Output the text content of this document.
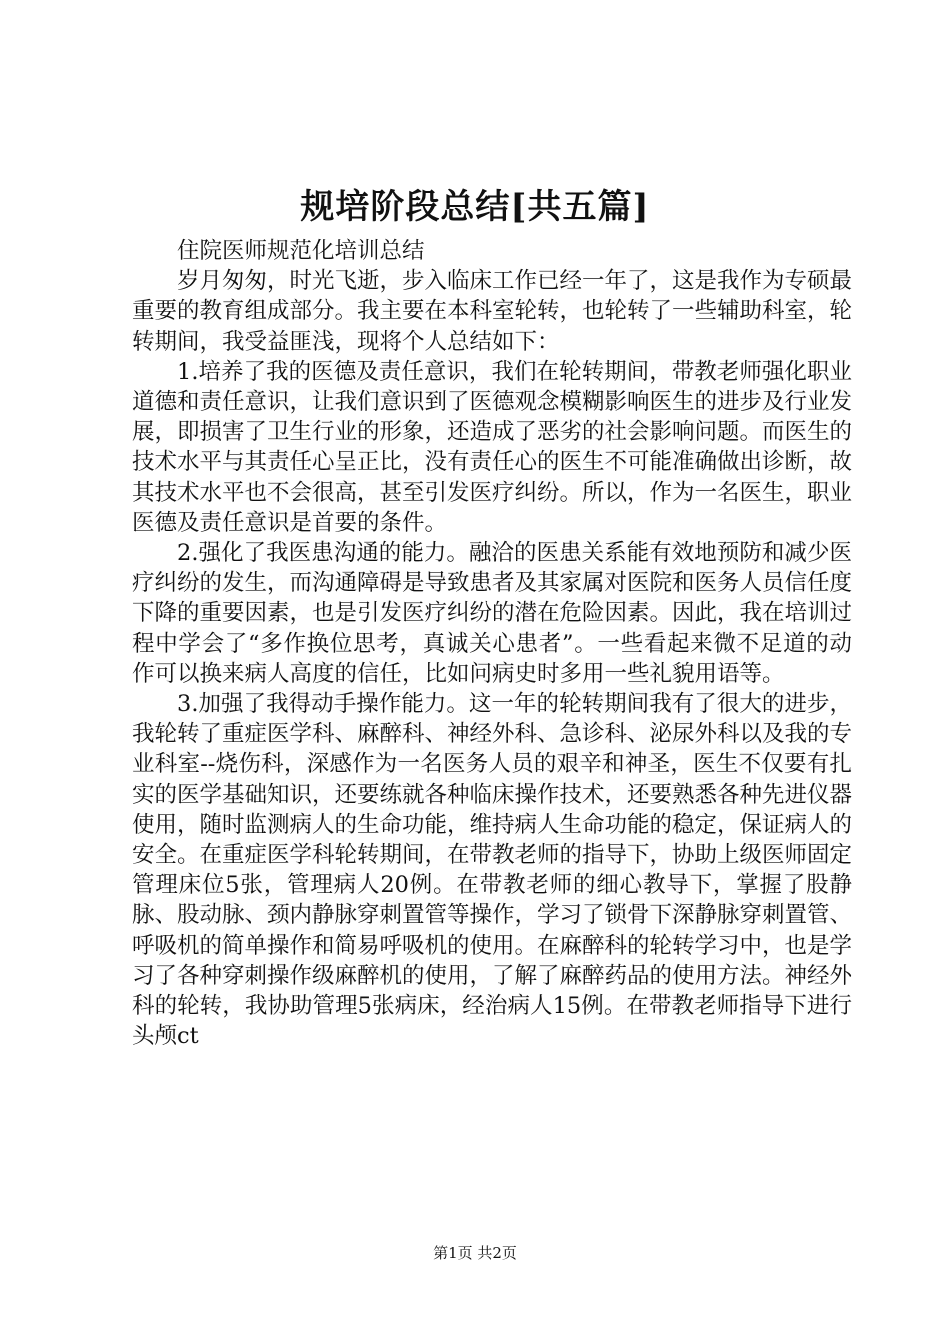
规培阶段总结[共五篇]
住院医师规范化培训总结

岁月匆匆，时光飞逝，步入临床工作已经一年了，这是我作为专硕最重要的教育组成部分。我主要在本科室轮转，也轮转了一些辅助科室，轮转期间，我受益匪浅，现将个人总结如下：

1.培养了我的医德及责任意识，我们在轮转期间，带教老师强化职业道德和责任意识，让我们意识到了医德观念模糊影响医生的进步及行业发展，即损害了卫生行业的形象，还造成了恶劣的社会影响问题。而医生的技术水平与其责任心呈正比，没有责任心的医生不可能准确做出诊断，故其技术水平也不会很高，甚至引发医疗纠纷。所以，作为一名医生，职业医德及责任意识是首要的条件。

2.强化了我医患沟通的能力。融洽的医患关系能有效地预防和减少医疗纠纷的发生，而沟通障碍是导致患者及其家属对医院和医务人员信任度下降的重要因素，也是引发医疗纠纷的潜在危险因素。因此，我在培训过程中学会了“多作换位思考，真诚关心患者”。一些看起来微不足道的动作可以换来病人高度的信任，比如问病史时多用一些礼貌用语等。

3.加强了我得动手操作能力。这一年的轮转期间我有了很大的进步，我轮转了重症医学科、麻醉科、神经外科、急诊科、泌尿外科以及我的专业科室--烧伤科，深感作为一名医务人员的艰辛和神圣，医生不仅要有扎实的医学基础知识，还要练就各种临床操作技术，还要熟悉各种先进仪器使用，随时监测病人的生命功能，维持病人生命功能的稳定，保证病人的安全。在重症医学科轮转期间，在带教老师的指导下，协助上级医师固定管理床位5张，管理病人20例。在带教老师的细心教导下，掌握了股静脉、股动脉、颈内静脉穿刺置管等操作，学习了锁骨下深静脉穿刺置管、呼吸机的简单操作和简易呼吸机的使用。在麻醉科的轮转学习中，也是学习了各种穿刺操作级麻醉机的使用，了解了麻醉药品的使用方法。神经外科的轮转，我协助管理5张病床，经治病人15例。在带教老师指导下进行头颅ct

第1页 共2页
